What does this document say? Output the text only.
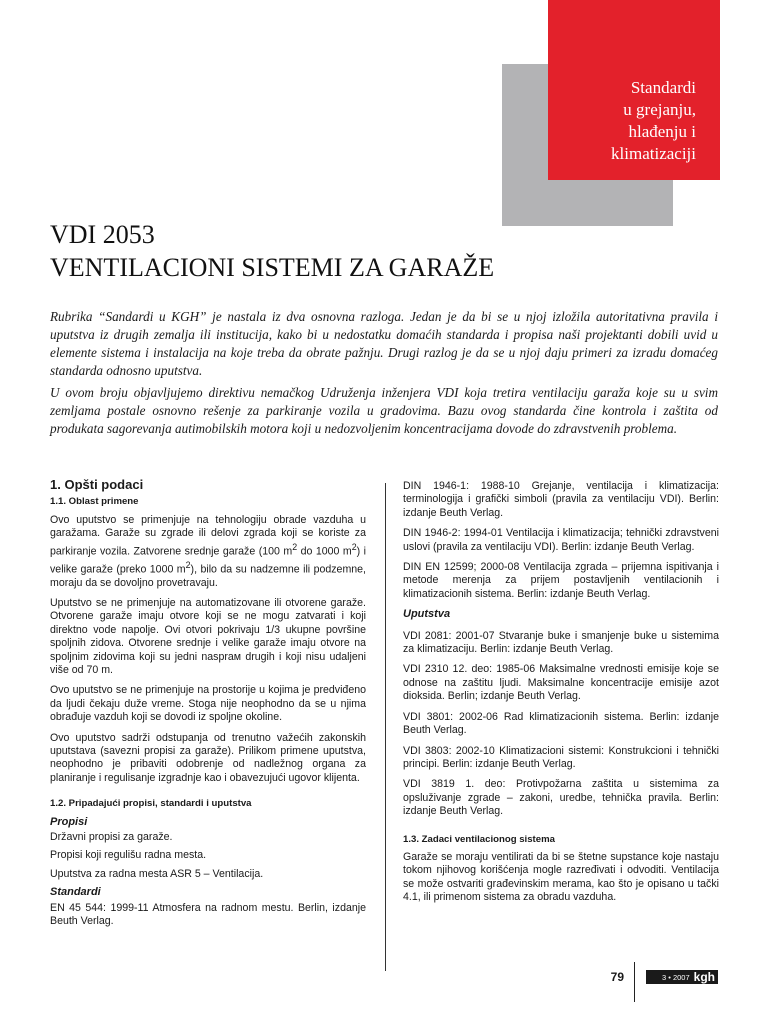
Standardi
u grejanju,
hlađenju i
klimatizaciji
VDI 2053
VENTILACIONI SISTEMI ZA GARAŽE

Rubrika “Sandardi u KGH” je nastala iz dva osnovna razloga. Jedan je da bi se u njoj izložila autoritativna pravila i uputstva iz drugih zemalja ili institucija, kako bi u nedostatku domaćih standarda i propisa naši projektanti dobili uvid u elemente sistema i instalacija na koje treba da obrate pažnju. Drugi razlog je da se u njoj daju primeri za izradu domaćeg standarda odnosno uputstva.

U ovom broju objavljujemo direktivu nemačkog Udruženja inženjera VDI koja tretira ventilaciju garaža koje su u svim zemljama postale osnovno rešenje za parkiranje vozila u gradovima. Bazu ovog standarda čine kontrola i zaštita od produkata sagorevanja autimobilskih motora koji u nedozvoljenim koncentracijama dovode do zdravstvenih problema.

1. Opšti podaci
1.1. Oblast primene

Ovo uputstvo se primenjuje na tehnologiju obrade vazduha u garažama. Garaže su zgrade ili delovi zgrada koji se koriste za parkiranje vozila. Zatvorene srednje garaže (100 $m^2$ do 1000 $m^2$) i velike garaže (preko 1000 $m^2$), bilo da su nadzemne ili podzemne, moraju da se dovoljno provetravaju.

Uputstvo se ne primenjuje na automatizovane ili otvorene garaže. Otvorene garaže imaju otvore koji se ne mogu zatvarati i koji direktno vode napolje. Ovi otvori pokrivaju 1/3 ukupne površine spoljnih zidova. Otvorene srednje i velike garaže imaju otvore na spoljnim zidovima koji su jedni nasprам drugih i koji nisu udaljeni više od 70 m.

Ovo uputstvo se ne primenjuje na prostorije u kojima je predviđeno da ljudi čekaju duže vreme. Stoga nije neophodno da se u njima obrađuje vazduh koji se dovodi iz spoljne okoline.

Ovo uputstvo sadrži odstupanja od trenutno važećih zakonskih uputstava (savezni propisi za garaže). Prilikom primene uputstva, neophodno je pribaviti odobrenje od nadležnog organa za planiranje i regulisanje izgradnje kao i obavezujući ugovor klijenta.

1.2. Pripadajući propisi, standardi i uputstva
Propisi
Državni propisi za garaže.
Propisi koji regulišu radna mesta.
Uputstva za radna mesta ASR 5 – Ventilacija.
Standardi

EN 45 544: 1999-11 Atmosfera na radnom mestu. Berlin, izdanje Beuth Verlag.

DIN 1946-1: 1988-10 Grejanje, ventilacija i klimatizacija: terminologija i grafički simboli (pravila za ventilaciju VDI). Berlin: izdanje Beuth Verlag.

DIN 1946-2: 1994-01 Ventilacija i klimatizacija; tehnički zdravstveni uslovi (pravila za ventilaciju VDI). Berlin: izdanje Beuth Verlag.

DIN EN 12599; 2000-08 Ventilacija zgrada – prijemna ispitivanja i metode merenja za prijem postavljenih ventilacionih i klimatizacionih sistema. Berlin: izdanje Beuth Verlag.

Uputstva

VDI 2081: 2001-07 Stvaranje buke i smanjenje buke u sistemima za klimatizaciju. Berlin: izdanje Beuth Verlag.

VDI 2310 12. deo: 1985-06 Maksimalne vrednosti emisije koje se odnose na zaštitu ljudi. Maksimalne koncentracije emisije azot dioksida. Berlin; izdanje Beuth Verlag.

VDI 3801: 2002-06 Rad klimatizacionih sistema. Berlin: izdanje Beuth Verlag.

VDI 3803: 2002-10 Klimatizacioni sistemi: Konstrukcioni i tehnički principi. Berlin: izdanje Beuth Verlag.

VDI 3819 1. deo: Protivpožarna zaštita u sistemima za opsluživanje zgrade – zakoni, uredbe, tehnička pravila. Berlin: izdanje Beuth Verlag.

1.3. Zadaci ventilacionog sistema

Garaže se moraju ventilirati da bi se štetne supstance koje nastaju tokom njihovog korišćenja mogle razređivati i odvoditi. Ventilacija se može ostvariti građevinskim merama, kao što je opisano u tački 4.1, ili primenom sistema za obradu vazduha.

79	3 • 2007 kgh
